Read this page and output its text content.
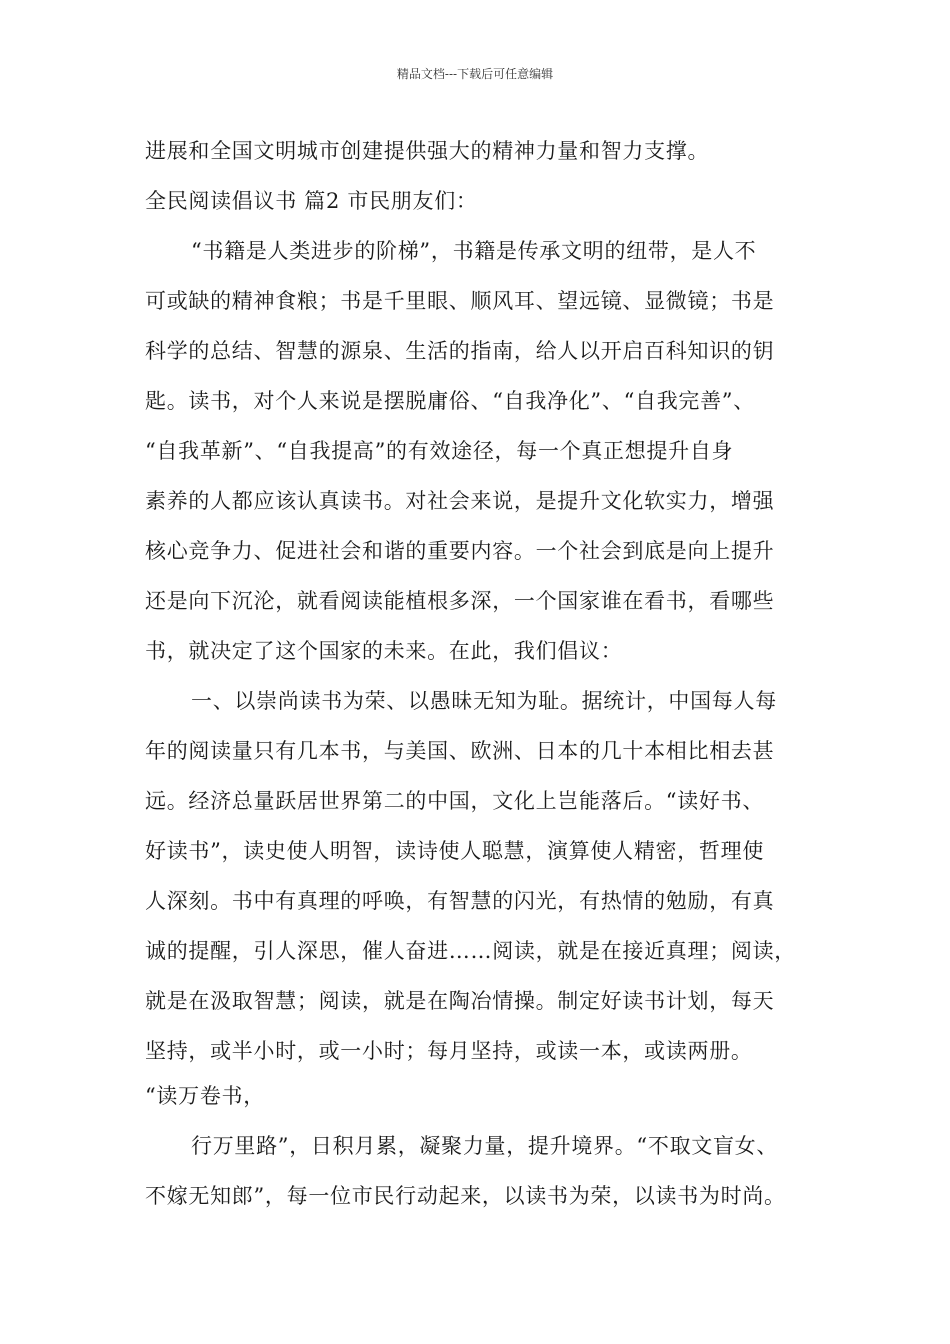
精品文档---下载后可任意编辑
进展和全国文明城市创建提供强大的精神力量和智力支撑。
全民阅读倡议书 篇2 市民朋友们：
“书籍是人类进步的阶梯”，书籍是传承文明的纽带，是人不
可或缺的精神食粮；书是千里眼、顺风耳、望远镜、显微镜；书是
科学的总结、智慧的源泉、生活的指南，给人以开启百科知识的钥
匙。读书，对个人来说是摆脱庸俗、“自我净化”、“自我完善”、
“自我革新”、“自我提高”的有效途径，每一个真正想提升自身
素养的人都应该认真读书。对社会来说，是提升文化软实力，增强
核心竞争力、促进社会和谐的重要内容。一个社会到底是向上提升
还是向下沉沦，就看阅读能植根多深，一个国家谁在看书，看哪些
书，就决定了这个国家的未来。在此，我们倡议：
一、以崇尚读书为荣、以愚昧无知为耻。据统计，中国每人每
年的阅读量只有几本书，与美国、欧洲、日本的几十本相比相去甚
远。经济总量跃居世界第二的中国，文化上岂能落后。“读好书、
好读书”，读史使人明智，读诗使人聪慧，演算使人精密，哲理使
人深刻。书中有真理的呼唤，有智慧的闪光，有热情的勉励，有真
诚的提醒，引人深思，催人奋进……阅读，就是在接近真理；阅读，
就是在汲取智慧；阅读，就是在陶冶情操。制定好读书计划，每天
坚持，或半小时，或一小时；每月坚持，或读一本，或读两册。
“读万卷书，
行万里路”，日积月累，凝聚力量，提升境界。“不取文盲女、
不嫁无知郎”，每一位市民行动起来，以读书为荣，以读书为时尚。
